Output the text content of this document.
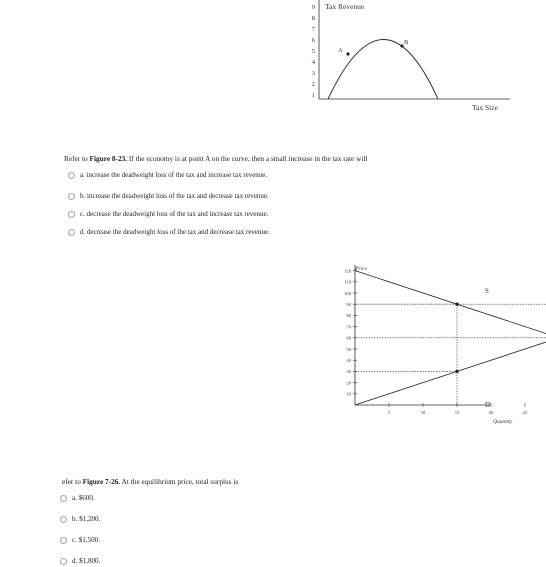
9
8
7
6
5
4
3
2
1
Tax Revenue
A
B
Tax Size
Refer to Figure 8-23. If the economy is at point A on the curve, then a small increase in the tax rate will
a. increase the deadweight loss of the tax and increase tax revenue.
b. increase the deadweight loss of the tax and decrease tax revenue.
c. decrease the deadweight loss of the tax and increase tax revenue.
d. decrease the deadweight loss of the tax and decrease tax revenue.
120
110
100
90
80
70
60
50
40
30
20
10
5	10	15	20	25
Price
Quantity
S
D
efer to Figure 7-26. At the equilibrium price, total surplus is
a. $600.
b. $1,200.
c. $1,500.
d. $1,800.
